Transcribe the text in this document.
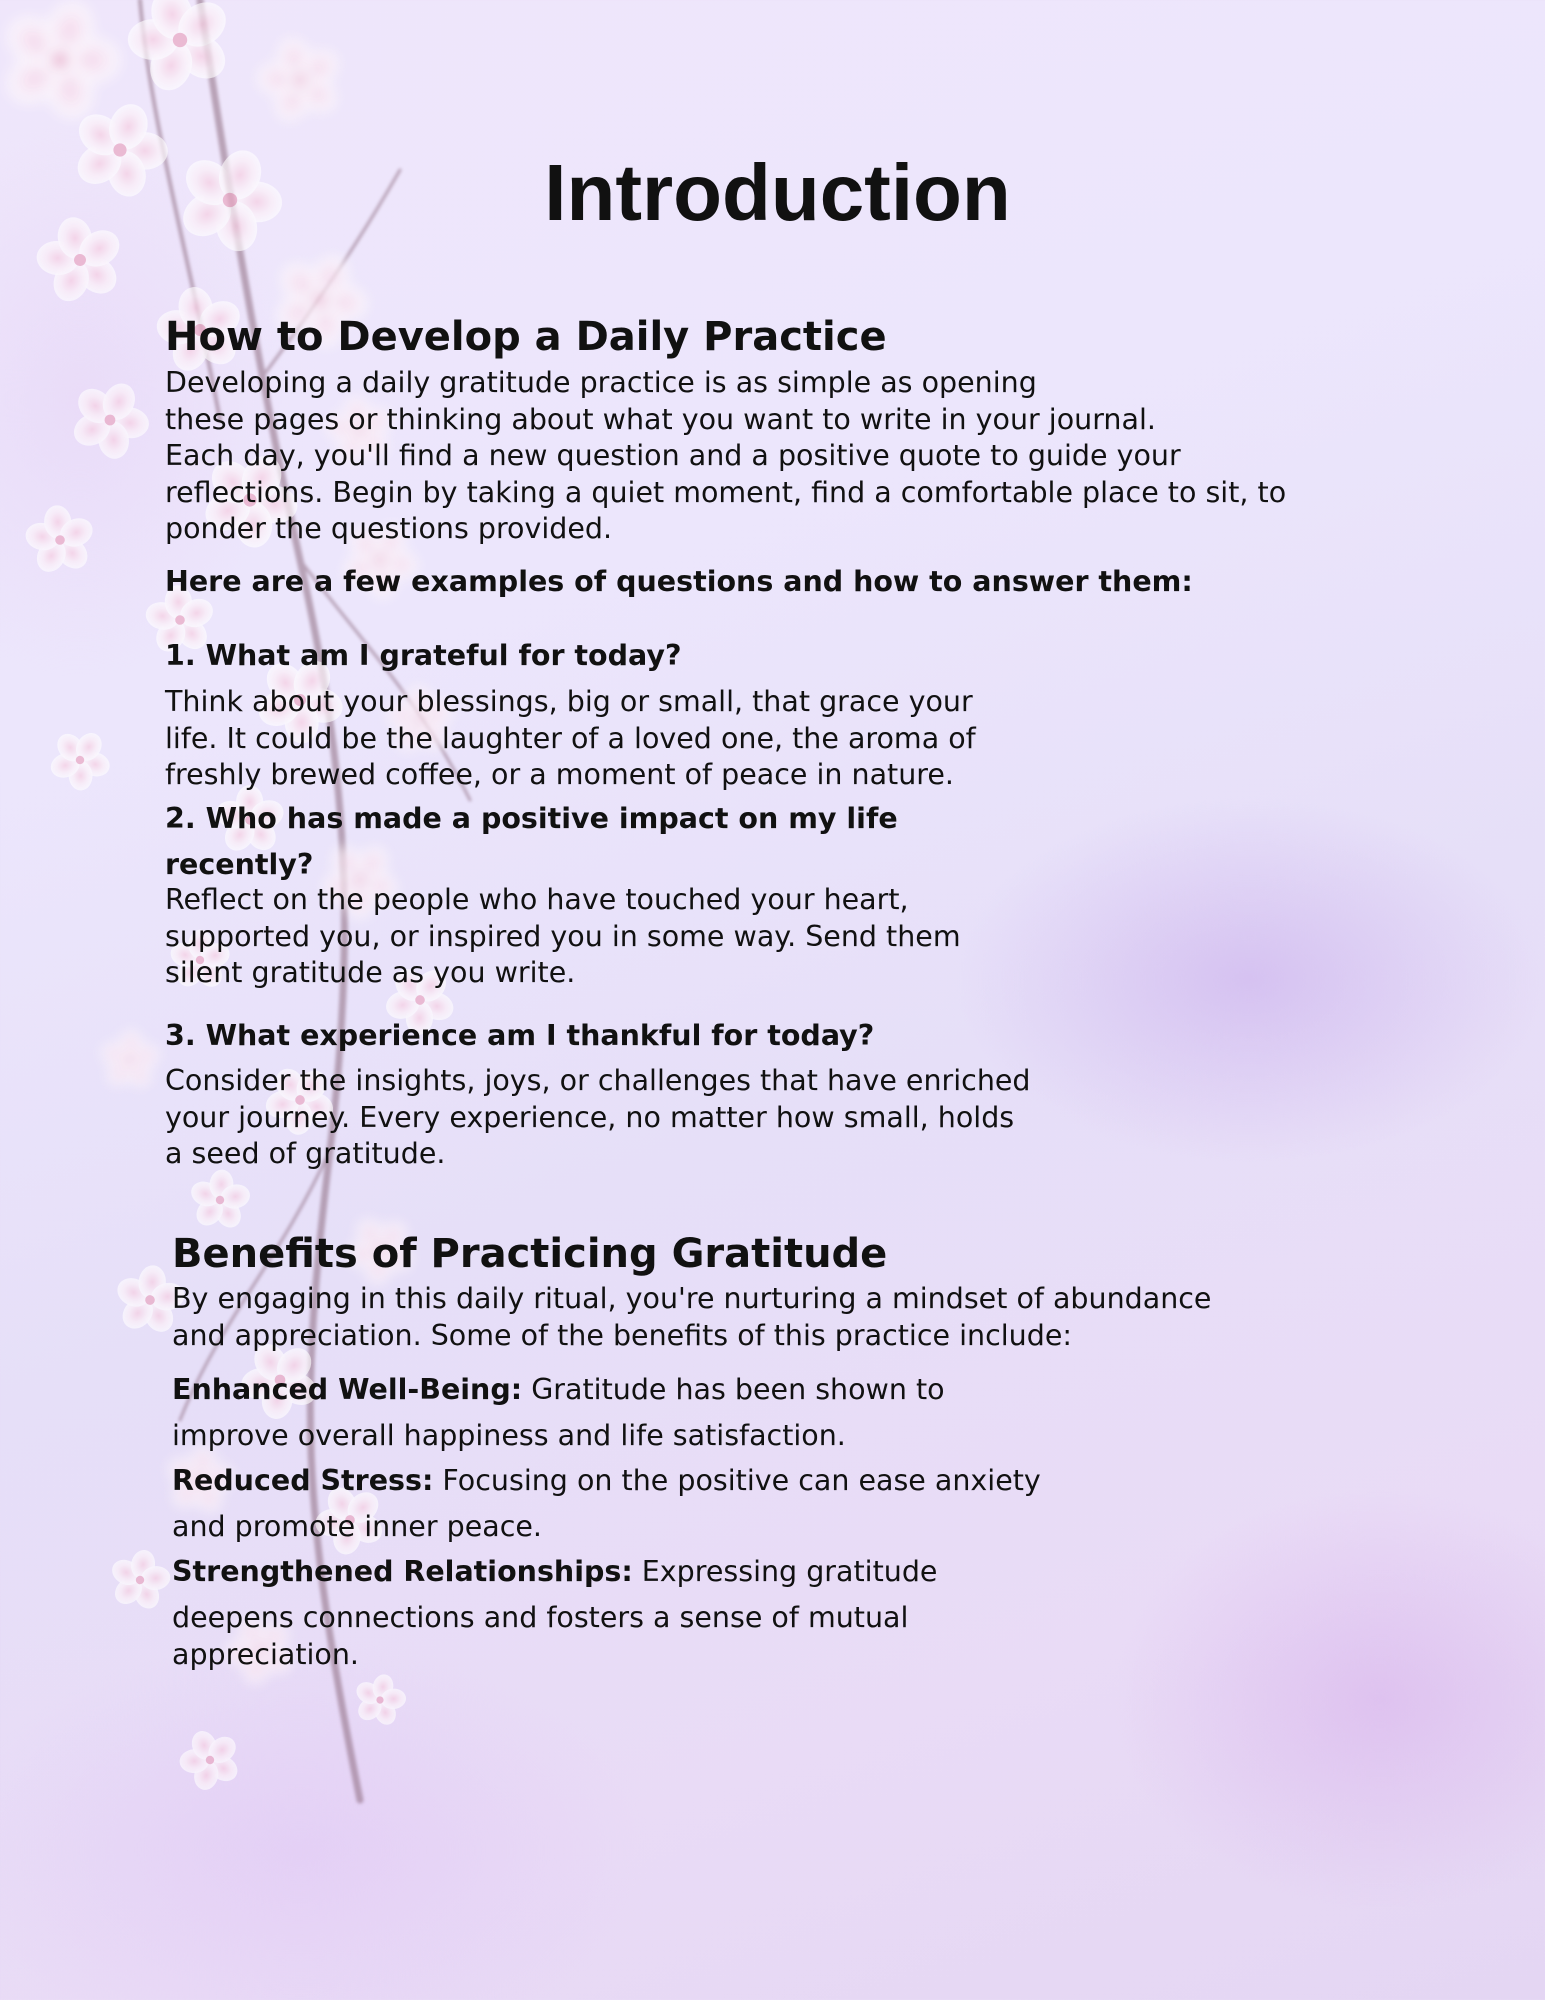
Introduction
How to Develop a Daily Practice
Developing a daily gratitude practice is as simple as opening
these pages or thinking about what you want to write in your journal.
Each day, you'll find a new question and a positive quote to guide your
reflections. Begin by taking a quiet moment, find a comfortable place to sit, to
ponder the questions provided.
Here are a few examples of questions and how to answer them:
1. What am I grateful for today?
Think about your blessings, big or small, that grace your
life. It could be the laughter of a loved one, the aroma of
freshly brewed coffee, or a moment of peace in nature.
2. Who has made a positive impact on my life
recently?
Reflect on the people who have touched your heart,
supported you, or inspired you in some way. Send them
silent gratitude as you write.
3. What experience am I thankful for today?
Consider the insights, joys, or challenges that have enriched
your journey. Every experience, no matter how small, holds
a seed of gratitude.
Benefits of Practicing Gratitude
By engaging in this daily ritual, you're nurturing a mindset of abundance
and appreciation. Some of the benefits of this practice include:
Enhanced Well-Being: Gratitude has been shown to
improve overall happiness and life satisfaction.
Reduced Stress: Focusing on the positive can ease anxiety
and promote inner peace.
Strengthened Relationships: Expressing gratitude
deepens connections and fosters a sense of mutual
appreciation.
